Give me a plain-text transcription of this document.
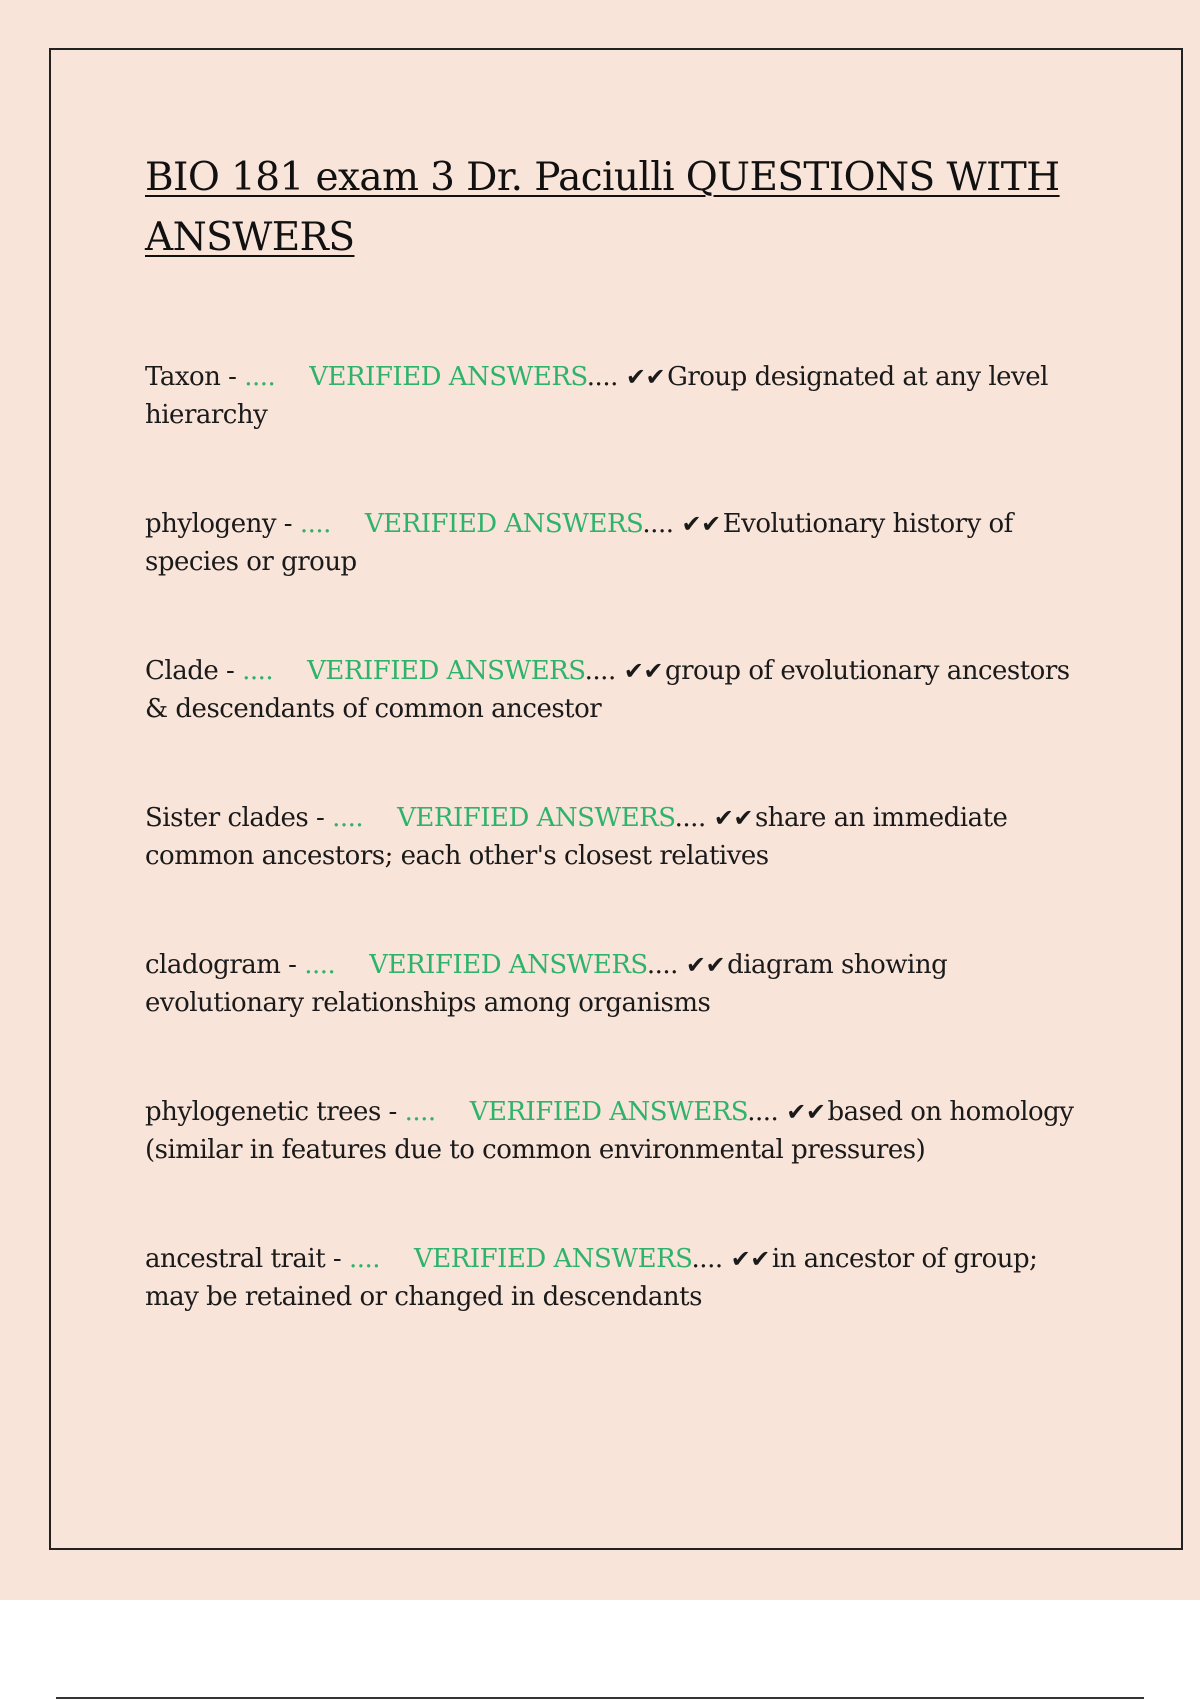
BIO 181 exam 3 Dr. Paciulli QUESTIONS WITH ANSWERS
Taxon - .... VERIFIED ANSWERS.... ✔✔Group designated at any level hierarchy
phylogeny - .... VERIFIED ANSWERS.... ✔✔Evolutionary history of species or group
Clade - .... VERIFIED ANSWERS.... ✔✔group of evolutionary ancestors & descendants of common ancestor
Sister clades - .... VERIFIED ANSWERS.... ✔✔share an immediate common ancestors; each other's closest relatives
cladogram - .... VERIFIED ANSWERS.... ✔✔diagram showing evolutionary relationships among organisms
phylogenetic trees - .... VERIFIED ANSWERS.... ✔✔based on homology (similar in features due to common environmental pressures)
ancestral trait - .... VERIFIED ANSWERS.... ✔✔in ancestor of group; may be retained or changed in descendants
